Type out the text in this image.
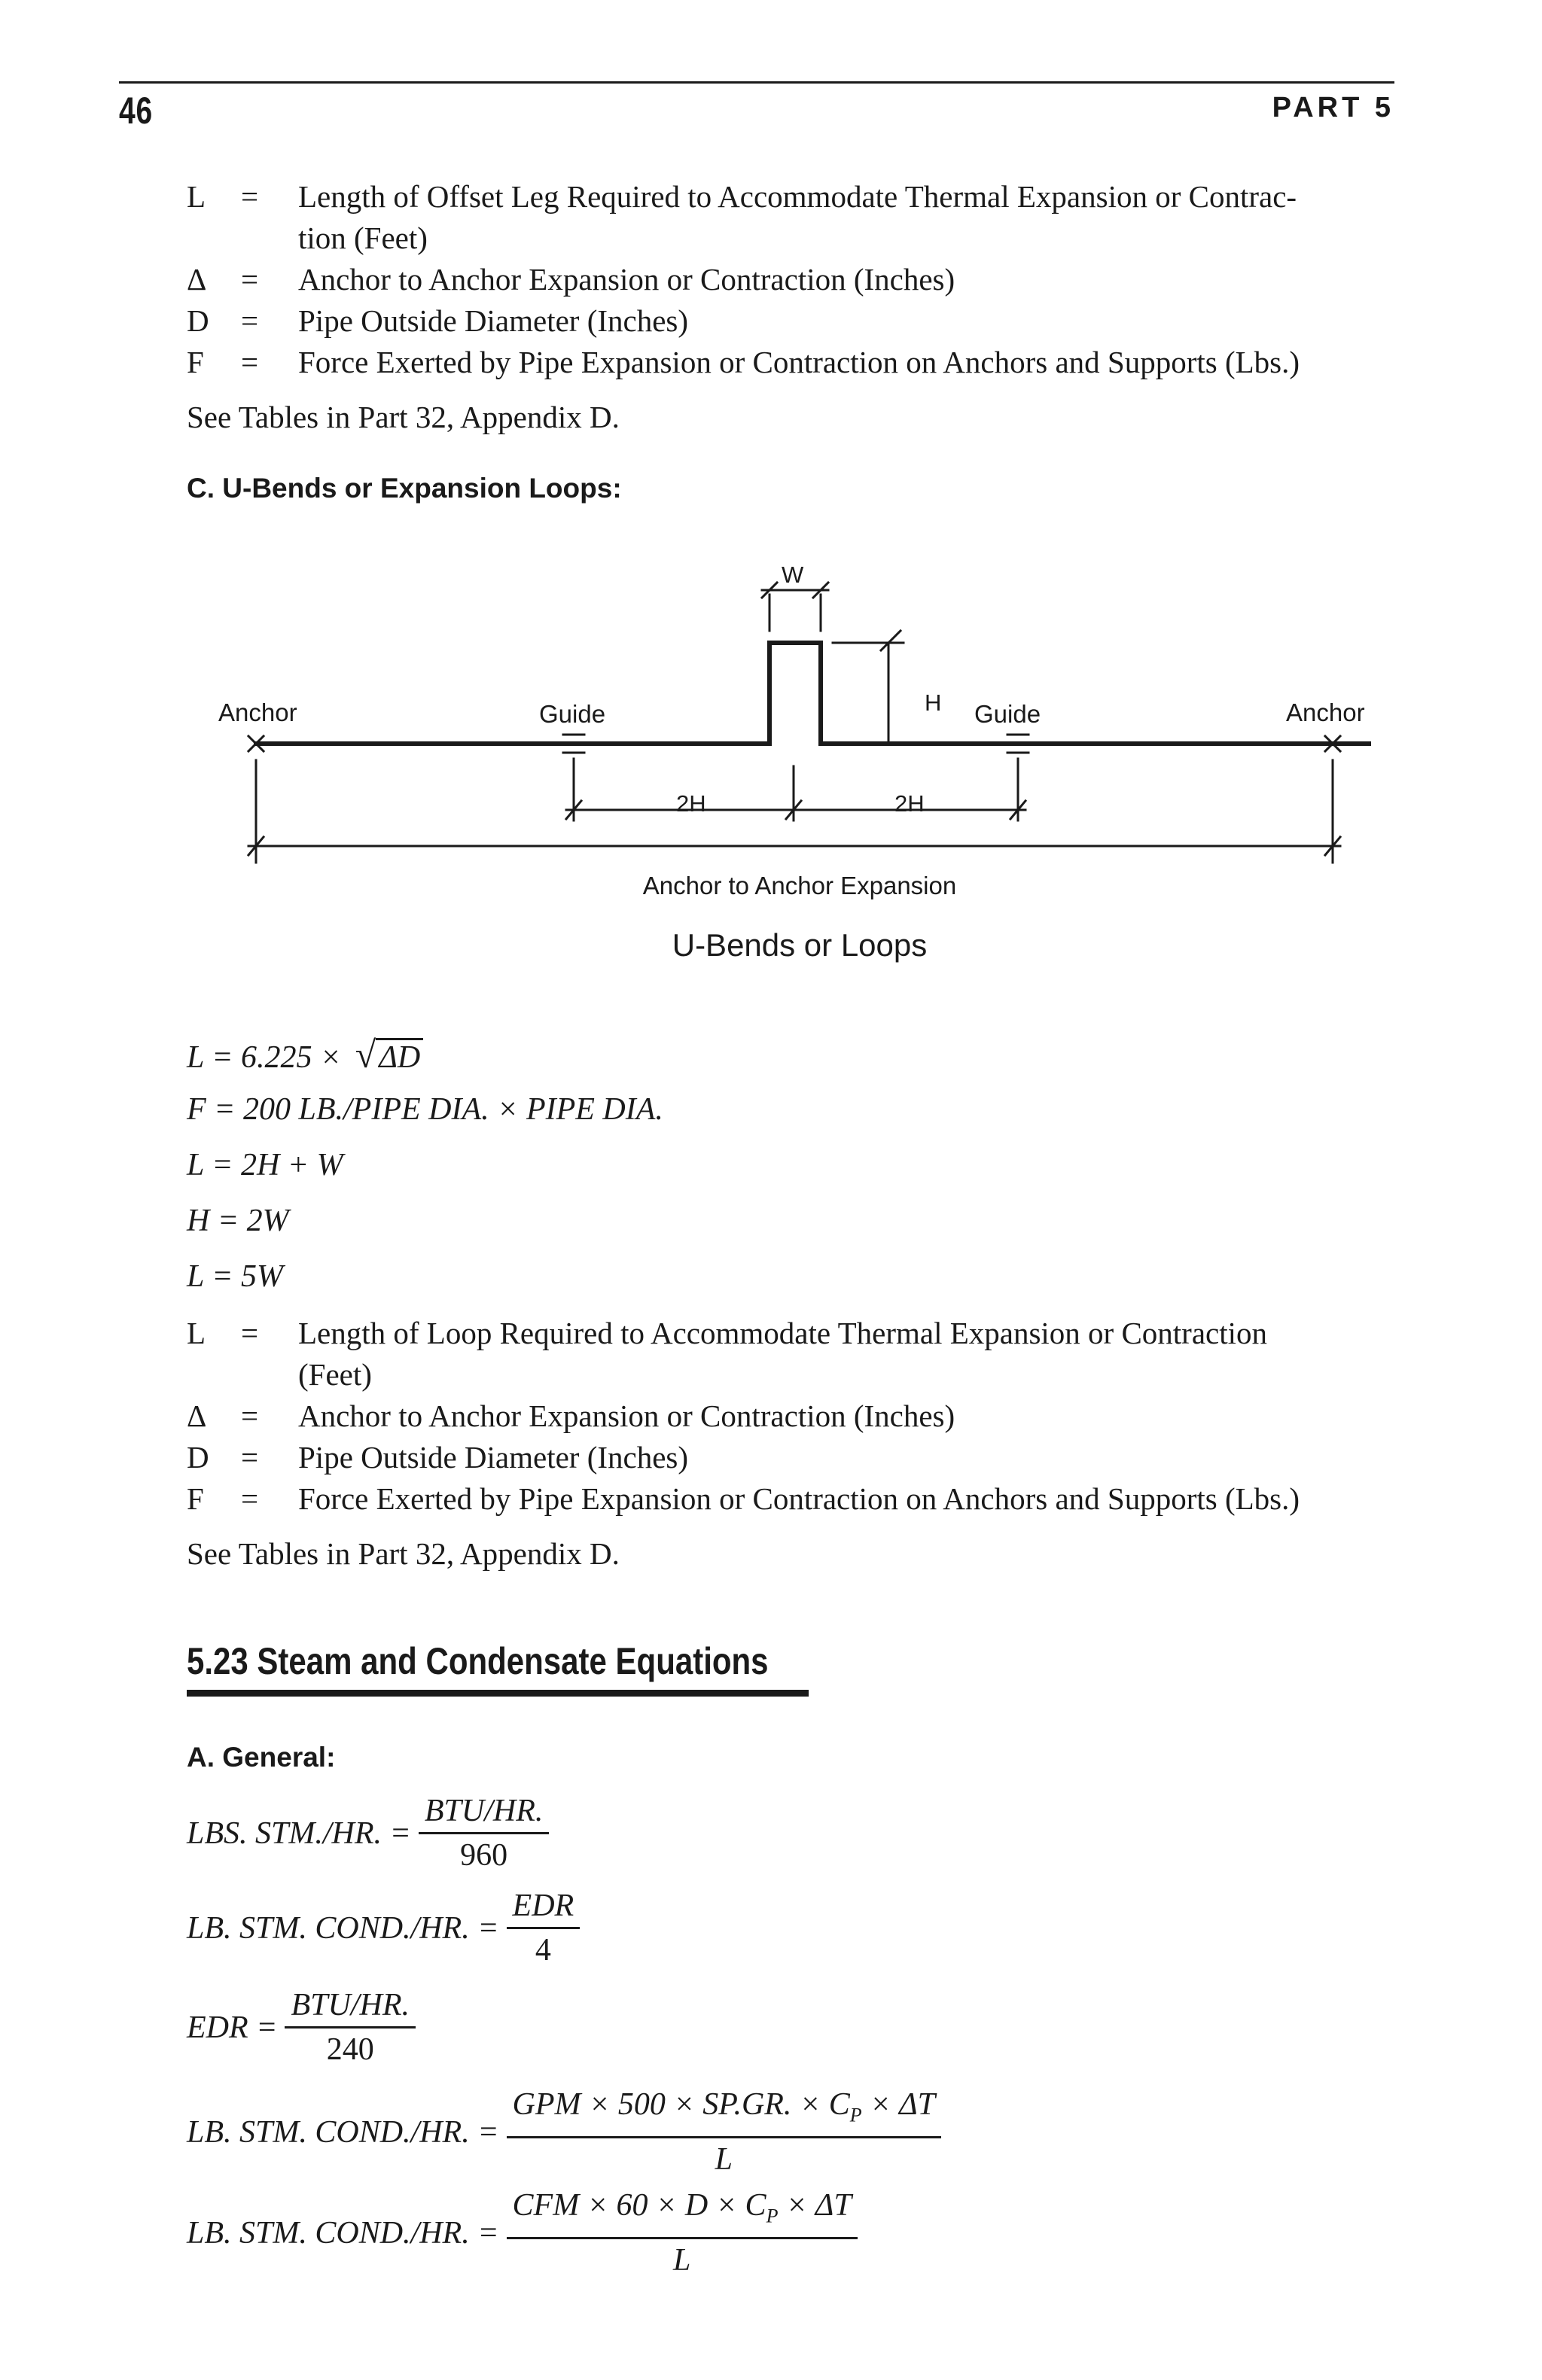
46	PART 5
L	=	Length of Offset Leg Required to Accommodate Thermal Expansion or Contrac-
tion (Feet)
Δ	=	Anchor to Anchor Expansion or Contraction (Inches)
D	=	Pipe Outside Diameter (Inches)
F	=	Force Exerted by Pipe Expansion or Contraction on Anchors and Supports (Lbs.)
See Tables in Part 32, Appendix D.
C. U-Bends or Expansion Loops:
Anchor	Guide
W
H Guide	Anchor
2H	2H
Anchor to Anchor Expansion
U-Bends or Loops
L = 6.225 × √ΔD
F = 200 LB./PIPE DIA. × PIPE DIA.
L = 2H + W
H = 2W
L = 5W
L	=	Length of Loop Required to Accommodate Thermal Expansion or Contraction
(Feet)
Δ	=	Anchor to Anchor Expansion or Contraction (Inches)
D	=	Pipe Outside Diameter (Inches)
F	=	Force Exerted by Pipe Expansion or Contraction on Anchors and Supports (Lbs.)
See Tables in Part 32, Appendix D.
5.23 Steam and Condensate Equations
A. General:
LBS. STM./HR. = $\frac{\text{BTU/HR.}}{960}$
LB. STM. COND./HR. = $\frac{\text{EDR}}{4}$
EDR = $\frac{\text{BTU/HR.}}{240}$
LB. STM. COND./HR. = $\frac{GPM \times 500 \times SP.GR. \times C_P \times \Delta T}{L}$
LB. STM. COND./HR. = $\frac{CFM \times 60 \times D \times C_P \times \Delta T}{L}$
